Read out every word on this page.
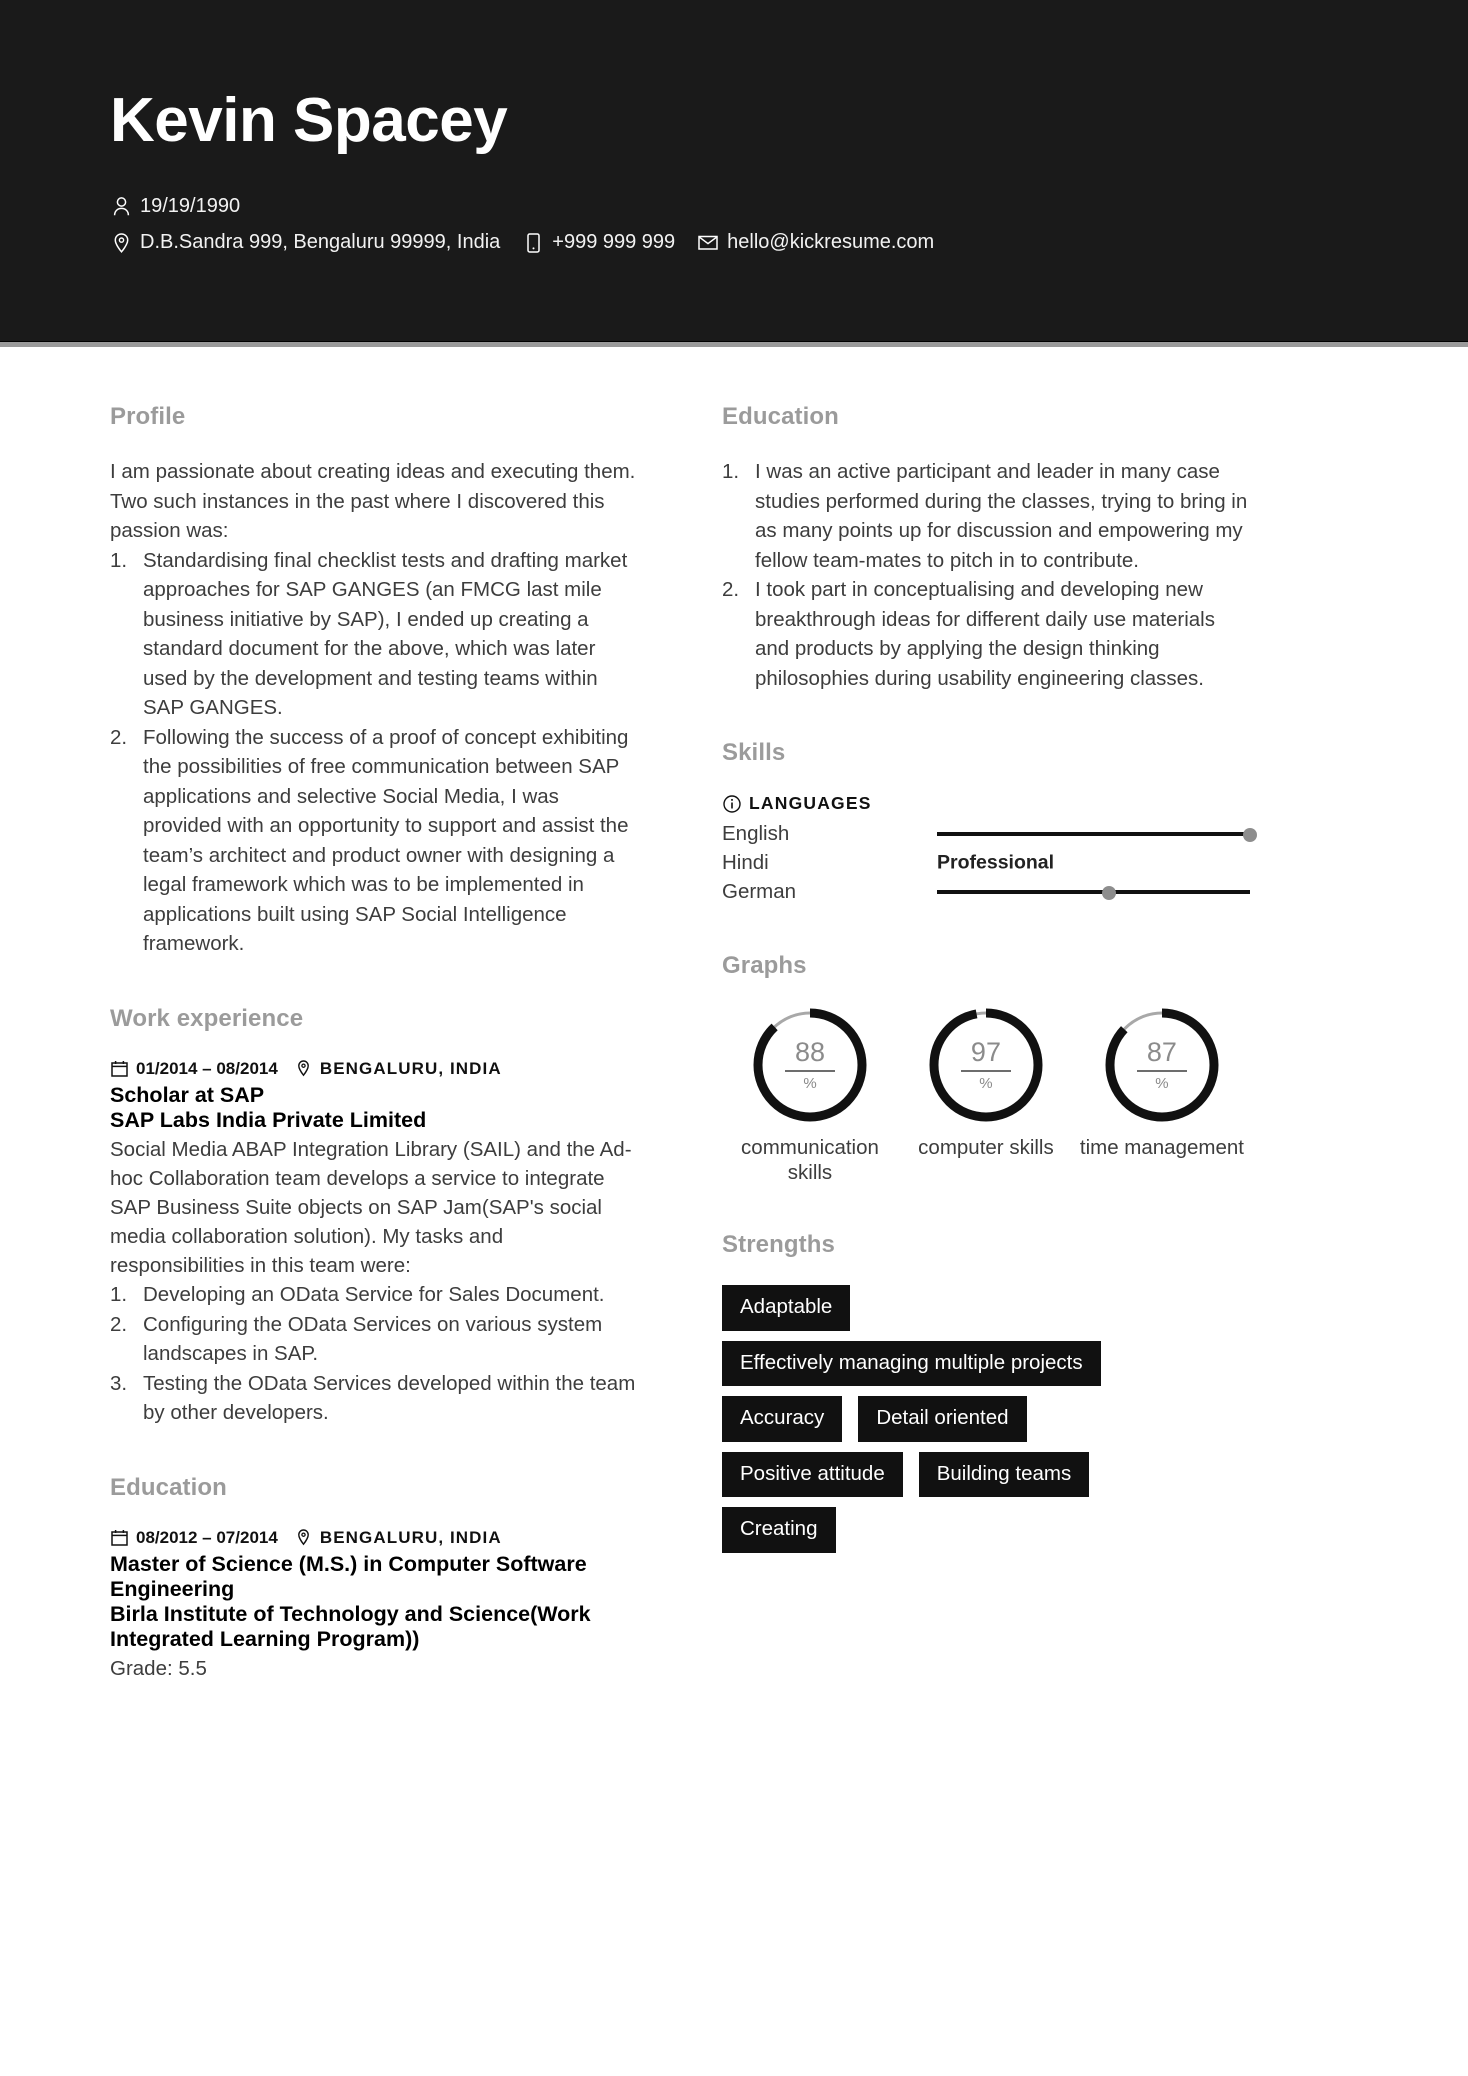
Kevin Spacey
19/19/1990
D.B.Sandra 999, Bengaluru 99999, India	+999 999 999	hello@kickresume.com
Profile

I am passionate about creating ideas and executing them. Two such instances in the past where I discovered this passion was:

Standardising final checklist tests and drafting market approaches for SAP GANGES (an FMCG last mile business initiative by SAP), I ended up creating a standard document for the above, which was later used by the development and testing teams within SAP GANGES.
Following the success of a proof of concept exhibiting the possibilities of free communication between SAP applications and selective Social Media, I was provided with an opportunity to support and assist the team’s architect and product owner with designing a legal framework which was to be implemented in applications built using SAP Social Intelligence framework.
Work experience
01/2014 – 08/2014 BENGALURU, INDIA
Scholar at SAP
SAP Labs India Private Limited
Social Media ABAP Integration Library (SAIL) and the Ad-hoc Collaboration team develops a service to integrate SAP Business Suite objects on SAP Jam(SAP's social media collaboration solution). My tasks and responsibilities in this team were:
Developing an OData Service for Sales Document.
Configuring the OData Services on various system landscapes in SAP.
Testing the OData Services developed within the team by other developers.
Education
08/2012 – 07/2014 BENGALURU, INDIA
Master of Science (M.S.) in Computer Software Engineering
Birla Institute of Technology and Science(Work Integrated Learning Program))
Grade: 5.5
Education
I was an active participant and leader in many case studies performed during the classes, trying to bring in as many points up for discussion and empowering my fellow team-mates to pitch in to contribute.
I took part in conceptualising and developing new breakthrough ideas for different daily use materials and products by applying the design thinking philosophies during usability engineering classes.
Skills
LANGUAGES
English
Hindi	Professional
German
Graphs
88
%
communication skills
97
%
computer skills
87
%
time management
Strengths
Adaptable
Effectively managing multiple projects
Accuracy	Detail oriented
Positive attitude	Building teams
Creating
